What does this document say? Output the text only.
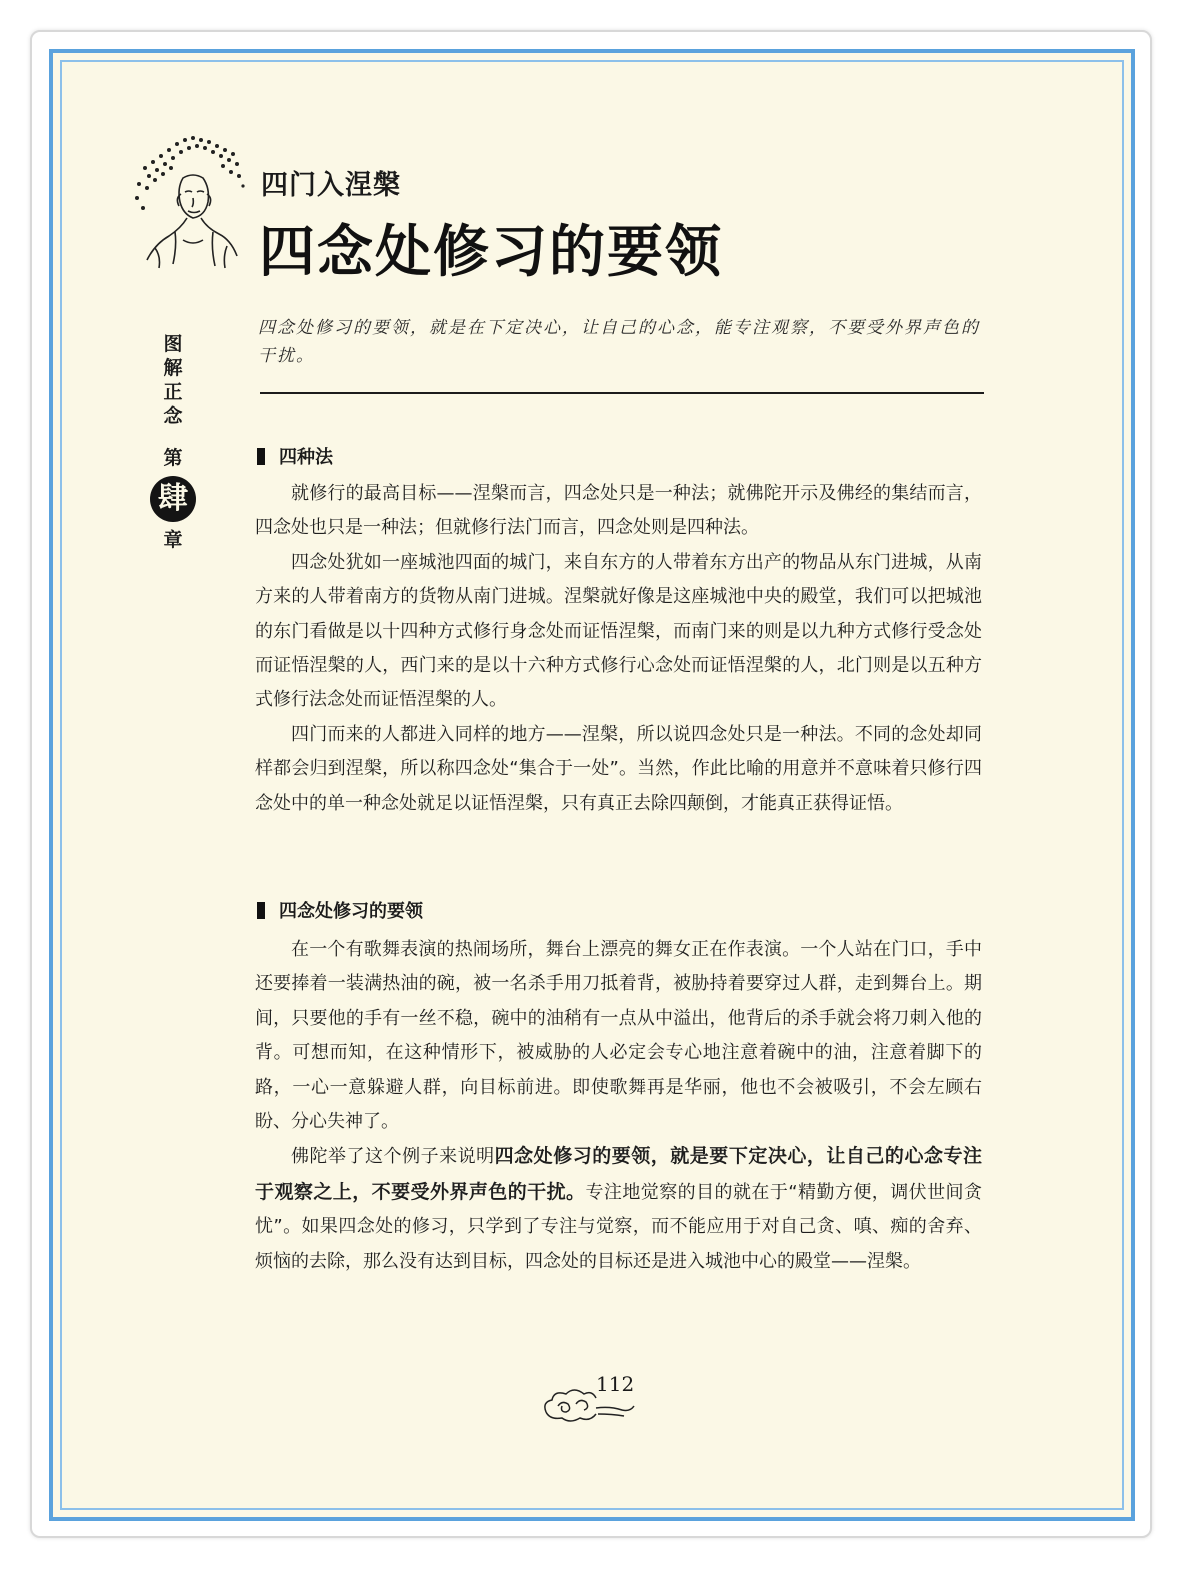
四门入涅槃
四念处修习的要领
图
解
正
念
第
肆
章
四念处修习的要领，就是在下定决心，让自己的心念，能专注观察，不要受外界声色的干扰。
四种法

就修行的最高目标——涅槃而言，四念处只是一种法；就佛陀开示及佛经的集结而言，四念处也只是一种法；但就修行法门而言，四念处则是四种法。

四念处犹如一座城池四面的城门，来自东方的人带着东方出产的物品从东门进城，从南方来的人带着南方的货物从南门进城。涅槃就好像是这座城池中央的殿堂，我们可以把城池的东门看做是以十四种方式修行身念处而证悟涅槃，而南门来的则是以九种方式修行受念处而证悟涅槃的人，西门来的是以十六种方式修行心念处而证悟涅槃的人，北门则是以五种方式修行法念处而证悟涅槃的人。

四门而来的人都进入同样的地方——涅槃，所以说四念处只是一种法。不同的念处却同样都会归到涅槃，所以称四念处“集合于一处”。当然，作此比喻的用意并不意味着只修行四念处中的单一种念处就足以证悟涅槃，只有真正去除四颠倒，才能真正获得证悟。

四念处修习的要领

在一个有歌舞表演的热闹场所，舞台上漂亮的舞女正在作表演。一个人站在门口，手中还要捧着一装满热油的碗，被一名杀手用刀抵着背，被胁持着要穿过人群，走到舞台上。期间，只要他的手有一丝不稳，碗中的油稍有一点从中溢出，他背后的杀手就会将刀刺入他的背。可想而知，在这种情形下，被威胁的人必定会专心地注意着碗中的油，注意着脚下的路，一心一意躲避人群，向目标前进。即使歌舞再是华丽，他也不会被吸引，不会左顾右盼、分心失神了。

佛陀举了这个例子来说明四念处修习的要领，就是要下定决心，让自己的心念专注于观察之上，不要受外界声色的干扰。专注地觉察的目的就在于“精勤方便，调伏世间贪忧”。如果四念处的修习，只学到了专注与觉察，而不能应用于对自己贪、嗔、痴的舍弃、烦恼的去除，那么没有达到目标，四念处的目标还是进入城池中心的殿堂——涅槃。

112
